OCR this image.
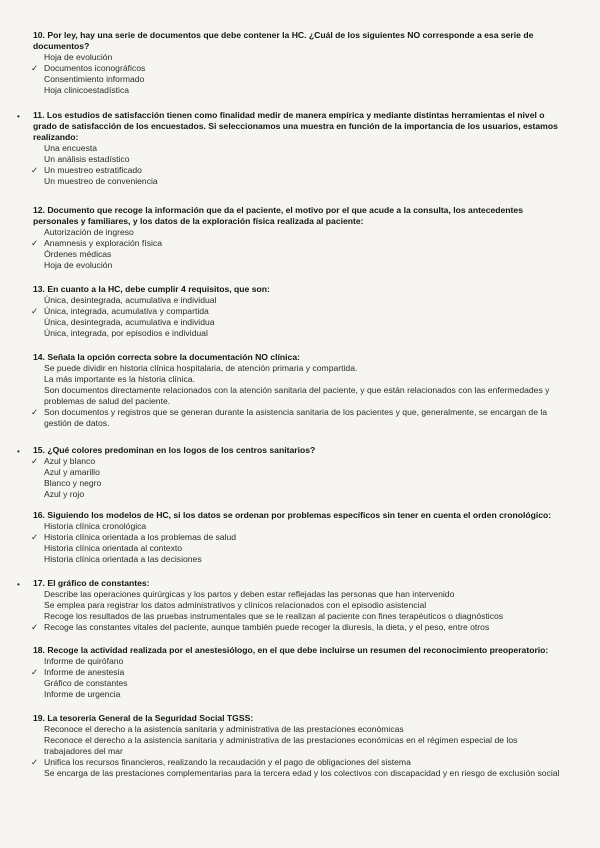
10. Por ley, hay una serie de documentos que debe contener la HC. ¿Cuál de los siguientes NO corresponde a esa serie de documentos?
Hoja de evolución
✓ Documentos iconográficos
Consentimiento informado
Hoja clinicoestadística
•	11. Los estudios de satisfacción tienen como finalidad medir de manera empírica y mediante distintas herramientas el nivel o grado de satisfacción de los encuestados. Si seleccionamos una muestra en función de la importancia de los usuarios, estamos realizando:
Una encuesta
Un análisis estadístico
✓ Un muestreo estratificado
Un muestreo de conveniencia
12. Documento que recoge la información que da el paciente, el motivo por el que acude a la consulta, los antecedentes personales y familiares, y los datos de la exploración física realizada al paciente:
Autorización de ingreso
✓ Anamnesis y exploración física
Órdenes médicas
Hoja de evolución
13. En cuanto a la HC, debe cumplir 4 requisitos, que son:
Única, desintegrada, acumulativa e individual
✓ Única, integrada, acumulativa y compartida
Única, desintegrada, acumulativa e individua
Única, integrada, por episodios e individual
14. Señala la opción correcta sobre la documentación NO clínica:
Se puede dividir en historia clínica hospitalaria, de atención primaria y compartida.
La más importante es la historia clínica.
Son documentos directamente relacionados con la atención sanitaria del paciente, y que están relacionados con las enfermedades y problemas de salud del paciente.
✓ Son documentos y registros que se generan durante la asistencia sanitaria de los pacientes y que, generalmente, se encargan de la gestión de datos.
•	15. ¿Qué colores predominan en los logos de los centros sanitarios?
✓ Azul y blanco
Azul y amarillo
Blanco y negro
Azul y rojo
16. Siguiendo los modelos de HC, si los datos se ordenan por problemas específicos sin tener en cuenta el orden cronológico:
Historia clínica cronológica
✓ Historia clínica orientada a los problemas de salud
Historia clínica orientada al contexto
Historia clínica orientada a las decisiones
•	17. El gráfico de constantes:
Describe las operaciones quirúrgicas y los partos y deben estar reflejadas las personas que han intervenido
Se emplea para registrar los datos administrativos y clínicos relacionados con el episodio asistencial
Recoge los resultados de las pruebas instrumentales que se le realizan al paciente con fines terapéuticos o diagnósticos
✓ Recoge las constantes vitales del paciente, aunque también puede recoger la diuresis, la dieta, y el peso, entre otros
18. Recoge la actividad realizada por el anestesiólogo, en el que debe incluirse un resumen del reconocimiento preoperatorio:
Informe de quirófano
✓ Informe de anestesia
Gráfico de constantes
Informe de urgencia
19. La tesorería General de la Seguridad Social TGSS:
Reconoce el derecho a la asistencia sanitaria y administrativa de las prestaciones económicas
Reconoce el derecho a la asistencia sanitaria y administrativa de las prestaciones económicas en el régimen especial de los trabajadores del mar
✓ Unifica los recursos financieros, realizando la recaudación y el pago de obligaciones del sistema
Se encarga de las prestaciones complementarias para la tercera edad y los colectivos con discapacidad y en riesgo de exclusión social
